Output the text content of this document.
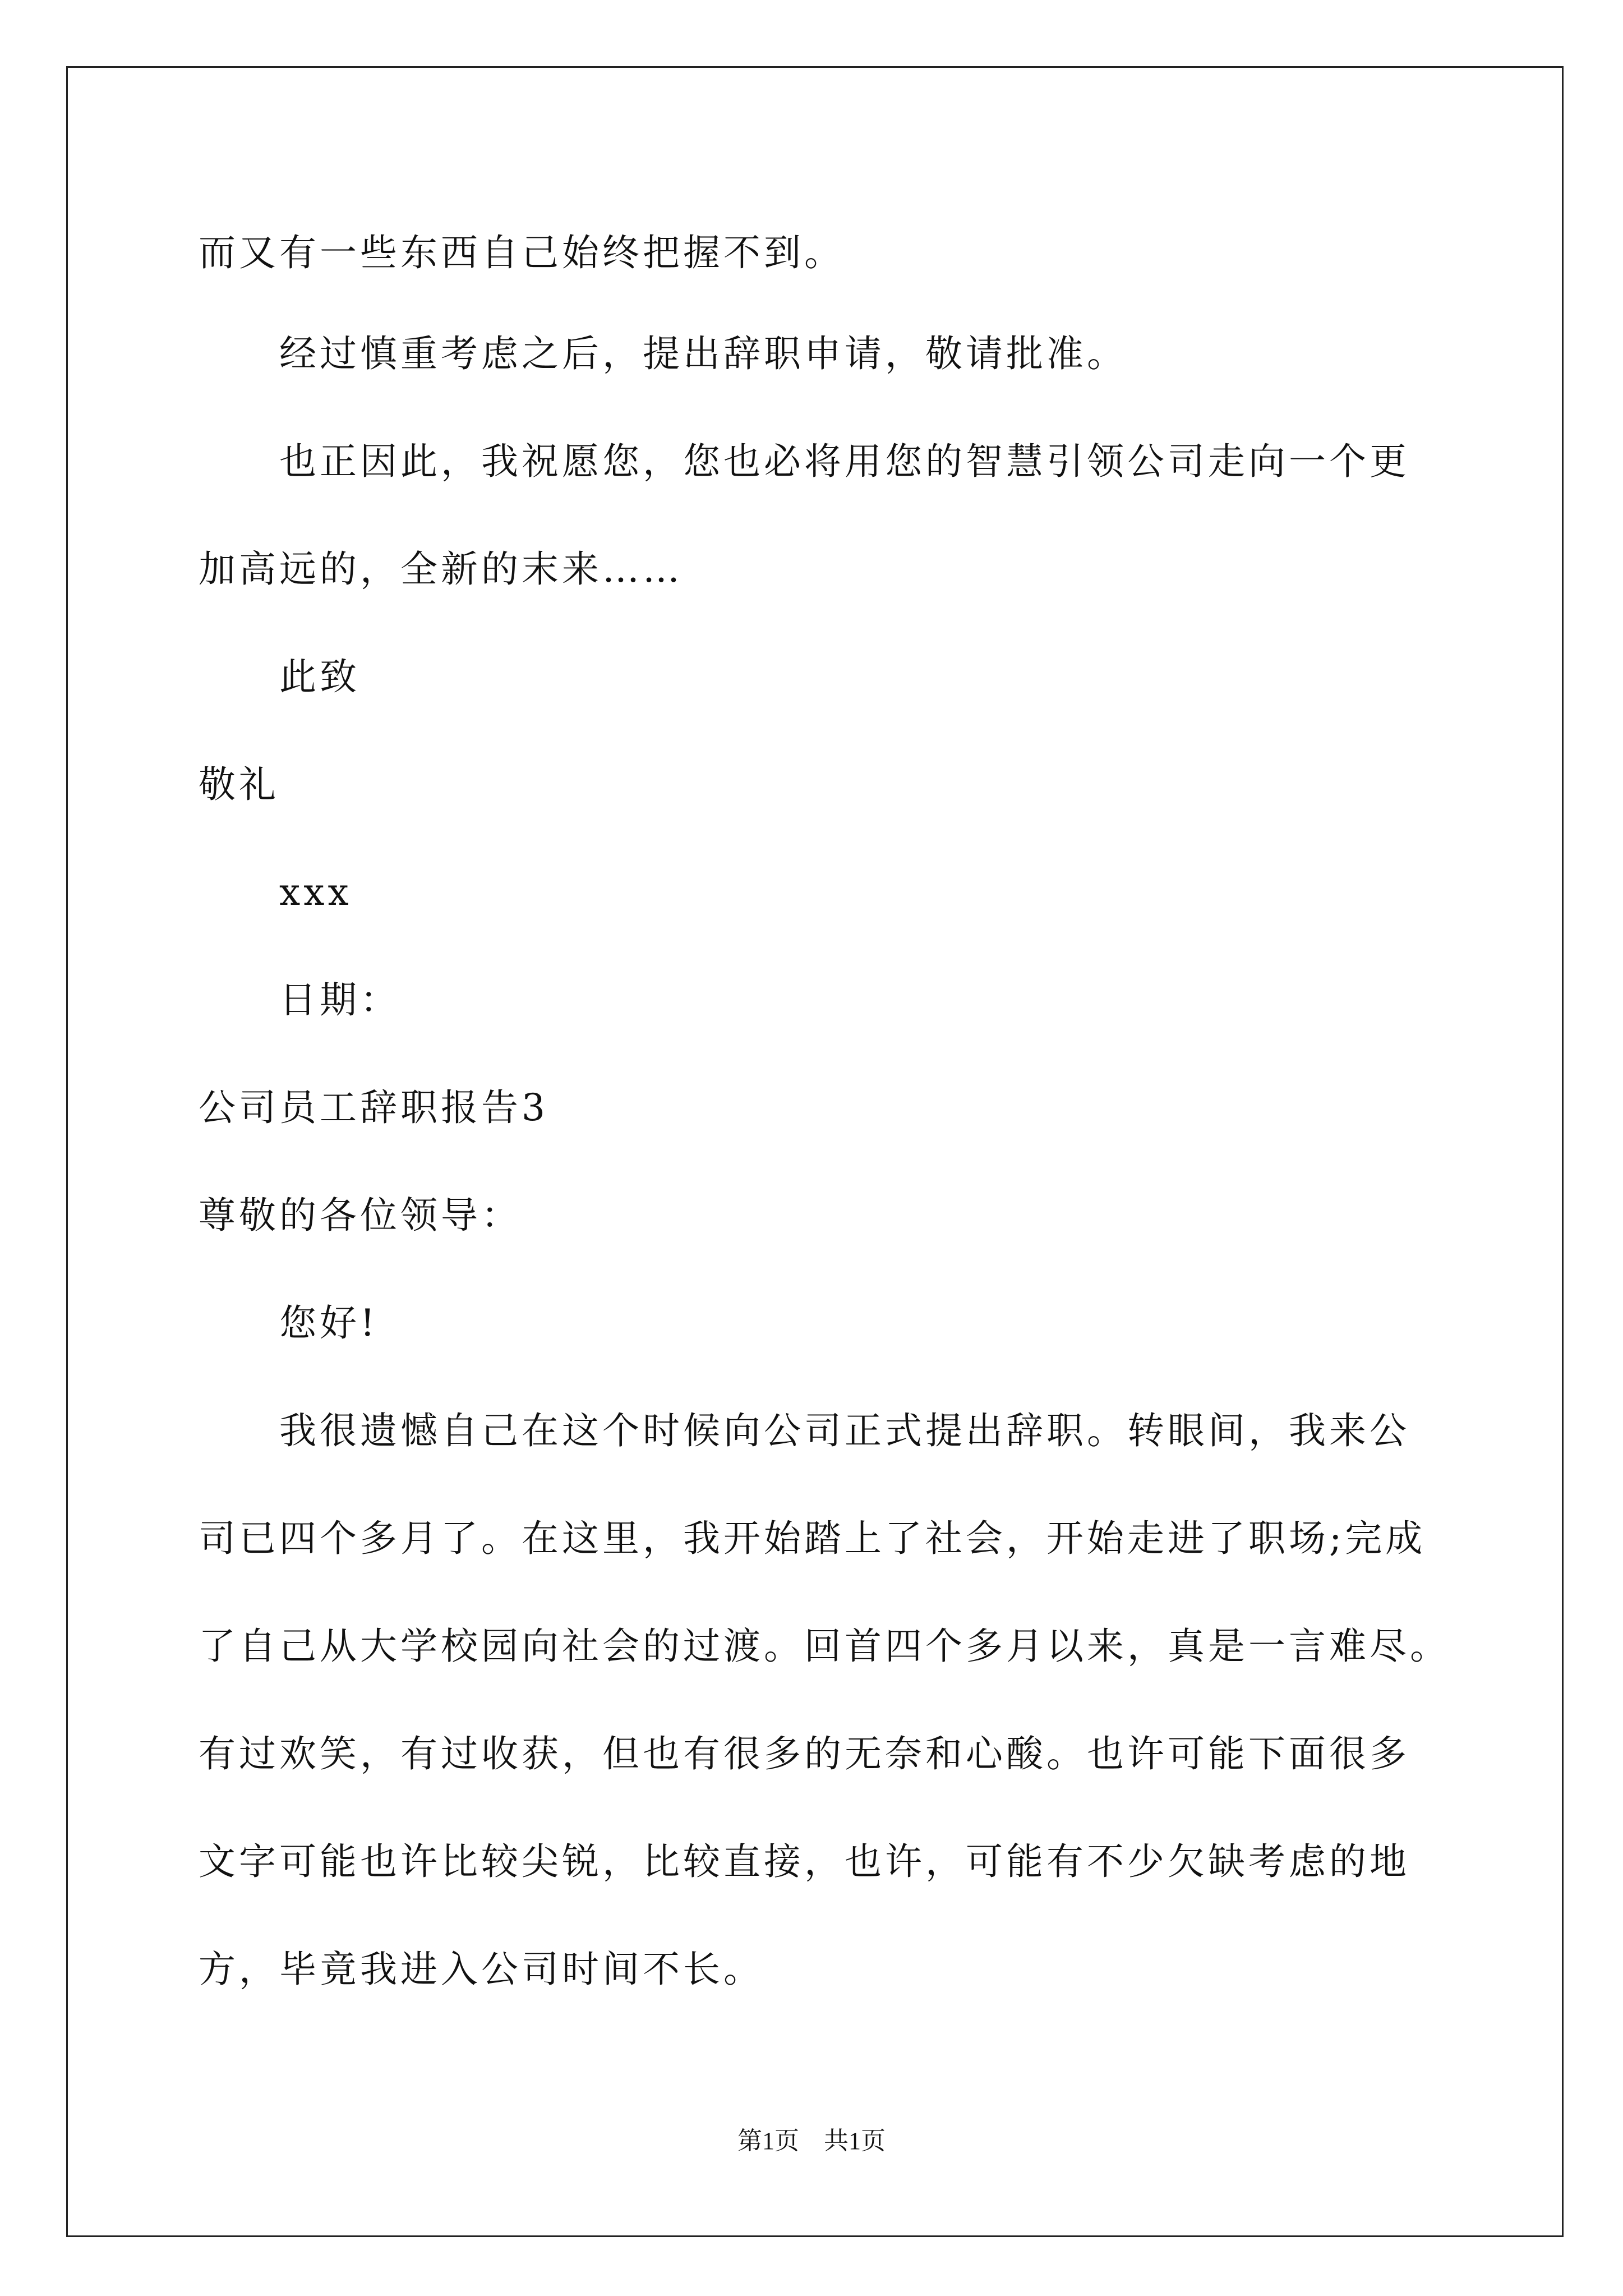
而又有一些东西自己始终把握不到。
经过慎重考虑之后，提出辞职申请，敬请批准。
也正因此，我祝愿您，您也必将用您的智慧引领公司走向一个更
加高远的，全新的末来……
此致
敬礼
xxx
日期：
公司员工辞职报告3
尊敬的各位领导：
您好!
我很遗憾自己在这个时候向公司正式提出辞职。转眼间，我来公
司已四个多月了。在这里，我开始踏上了社会，开始走进了职场;完成
了自己从大学校园向社会的过渡。回首四个多月以来，真是一言难尽。
有过欢笑，有过收获，但也有很多的无奈和心酸。也许可能下面很多
文字可能也许比较尖锐，比较直接，也许，可能有不少欠缺考虑的地
方，毕竟我进入公司时间不长。
第1页　共1页
